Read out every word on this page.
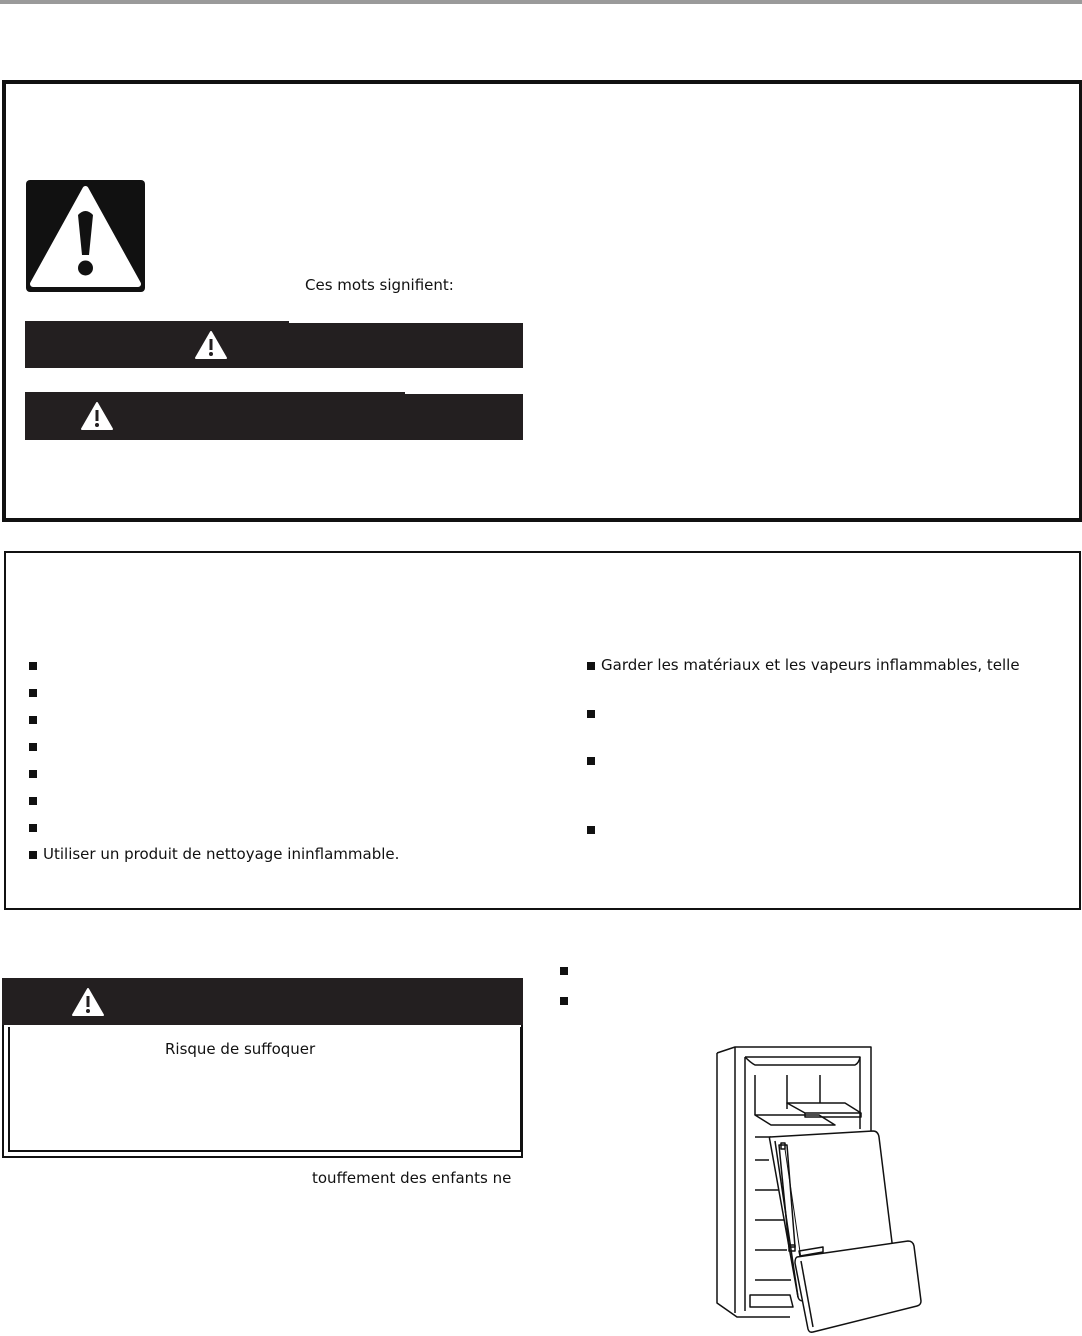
Ces mots signifient:
Utiliser un produit de nettoyage ininflammable.
Garder les matériaux et les vapeurs inflammables, telle
Risque de suffoquer
touffement des enfants ne
